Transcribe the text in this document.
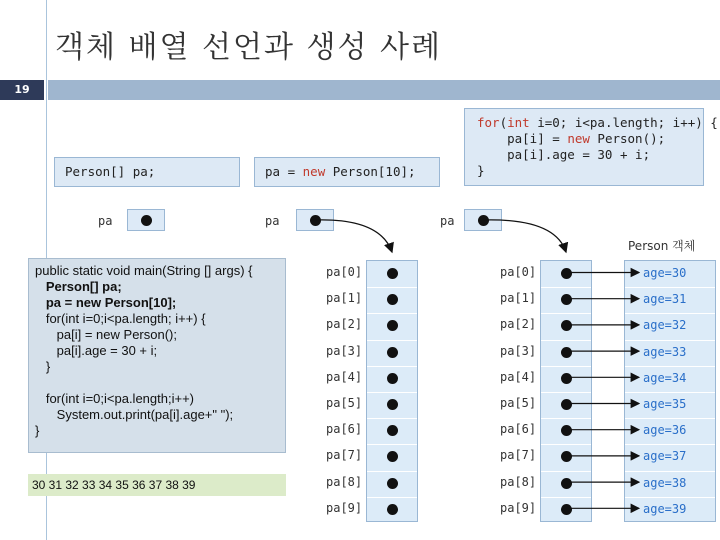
객체 배열 선언과 생성 사례
19
for(int i=0; i<pa.length; i++) {
pa[i] = new Person();
pa[i].age = 30 + i;
}
Person[] pa;	pa = new Person[10];
pa	pa	pa
Person 객체
age=30
age=31
age=32
age=33
age=34
age=35
age=36
age=37
age=38
age=39
public static void main(String [] args) {
Person[] pa;
pa = new Person[10];
for(int i=0;i<pa.length; i++) {
pa[i] = new Person();
pa[i].age = 30 + i;
}

for(int i=0;i<pa.length;i++)
System.out.print(pa[i].age+" ");
}
30 31 32 33 34 35 36 37 38 39
pa[0]
pa[1]
pa[2]
pa[3]
pa[4]
pa[5]
pa[6]
pa[7]
pa[8]
pa[9]
pa[0]
pa[1]
pa[2]
pa[3]
pa[4]
pa[5]
pa[6]
pa[7]
pa[8]
pa[9]
